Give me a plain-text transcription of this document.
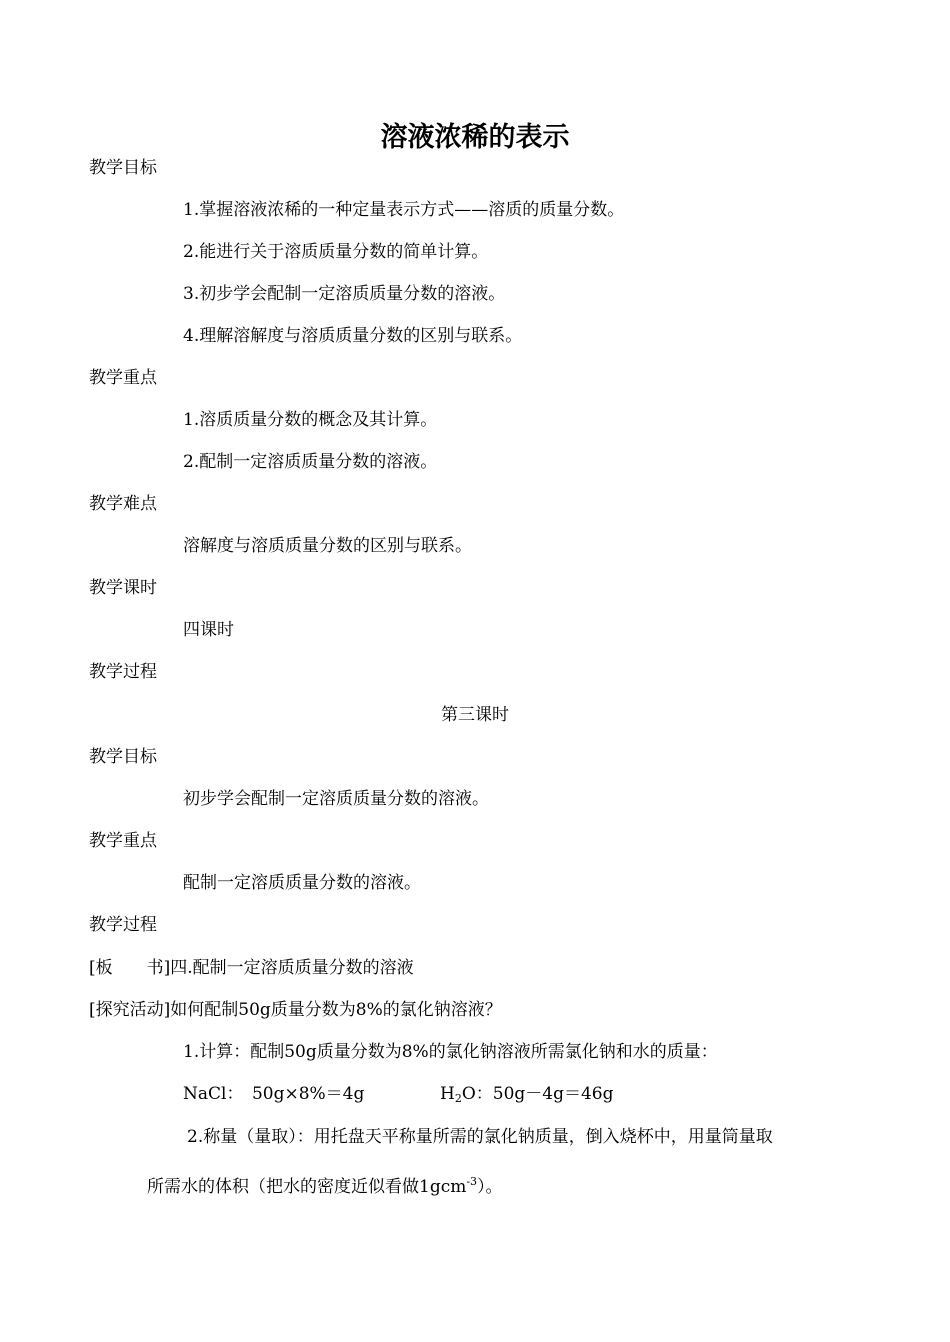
溶液浓稀的表示
教学目标
1.掌握溶液浓稀的一种定量表示方式——溶质的质量分数。
2.能进行关于溶质质量分数的简单计算。
3.初步学会配制一定溶质质量分数的溶液。
4.理解溶解度与溶质质量分数的区别与联系。
教学重点
1.溶质质量分数的概念及其计算。
2.配制一定溶质质量分数的溶液。
教学难点
溶解度与溶质质量分数的区别与联系。
教学课时
四课时
教学过程
第三课时
教学目标
初步学会配制一定溶质质量分数的溶液。
教学重点
配制一定溶质质量分数的溶液。
教学过程
[板 书]四.配制一定溶质质量分数的溶液
[探究活动]如何配制50g质量分数为8%的氯化钠溶液？
1.计算：配制50g质量分数为8%的氯化钠溶液所需氯化钠和水的质量：
NaCl：　50g×8%＝4g	$H_2O$：50g－4g＝46g
2.称量（量取）：用托盘天平称量所需的氯化钠质量，倒入烧杯中，用量筒量取
所需水的体积（把水的密度近似看做1gcm$^{-3}$）。
